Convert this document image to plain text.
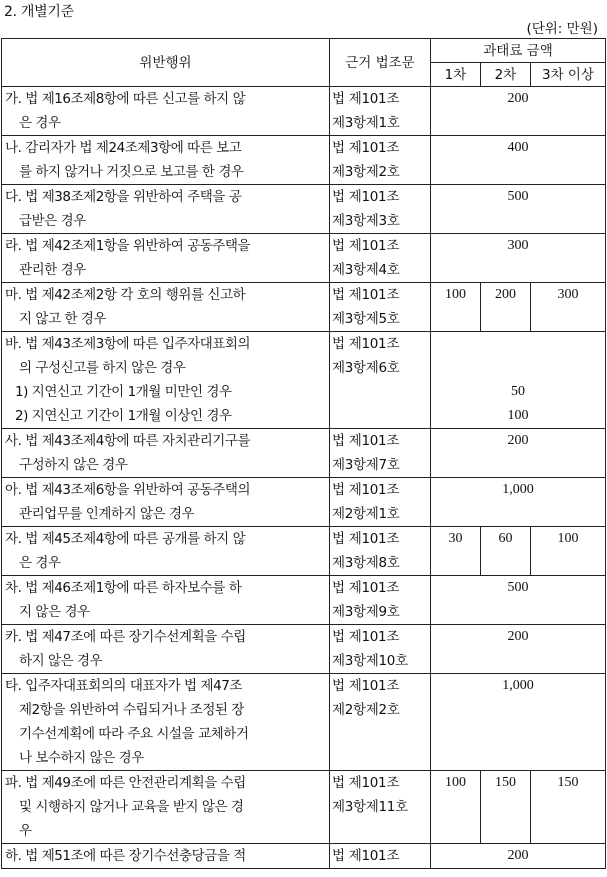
2. 개별기준
(단위: 만원)
위반행위	근거 법조문	과태료 금액		
		1차	2차	3차 이상

가. 법 제16조제8항에 따른 신고를 하지 않
은 경우	법 제101조
제3항제1호	200		

나. 감리자가 법 제24조제3항에 따른 보고
를 하지 않거나 거짓으로 보고를 한 경우	법 제101조
제3항제2호	400		

다. 법 제38조제2항을 위반하여 주택을 공
급받은 경우	법 제101조
제3항제3호	500		

라. 법 제42조제1항을 위반하여 공동주택을
관리한 경우	법 제101조
제3항제4호	300		

마. 법 제42조제2항 각 호의 행위를 신고하
지 않고 한 경우	법 제101조
제3항제5호	100	200	300

바. 법 제43조제3항에 따른 입주자대표회의
의 구성신고를 하지 않은 경우
1) 지연신고 기간이 1개월 미만인 경우
2) 지연신고 기간이 1개월 이상인 경우	법 제101조
제3항제6호	50
100		

사. 법 제43조제4항에 따른 자치관리기구를
구성하지 않은 경우	법 제101조
제3항제7호	200		

아. 법 제43조제6항을 위반하여 공동주택의
관리업무를 인계하지 않은 경우	법 제101조
제2항제1호	1,000		

자. 법 제45조제4항에 따른 공개를 하지 않
은 경우	법 제101조
제3항제8호	30	60	100

차. 법 제46조제1항에 따른 하자보수를 하
지 않은 경우	법 제101조
제3항제9호	500		

카. 법 제47조에 따른 장기수선계획을 수립
하지 않은 경우	법 제101조
제3항제10호	200		

타. 입주자대표회의의 대표자가 법 제47조
제2항을 위반하여 수립되거나 조정된 장
기수선계획에 따라 주요 시설을 교체하거
나 보수하지 않은 경우	법 제101조
제2항제2호	1,000		

파. 법 제49조에 따른 안전관리계획을 수립
및 시행하지 않거나 교육을 받지 않은 경
우	법 제101조
제3항제11호	100	150	150

하. 법 제51조에 따른 장기수선충당금을 적	법 제101조	200		
